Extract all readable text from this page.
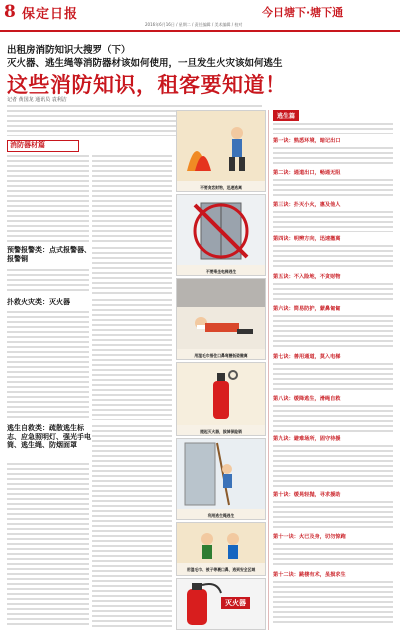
8 保定日报	今日塘下·塘下通
2016年6月16日 / 星期二 / 责任编辑 / 美术编辑 / 校对
出租房消防知识大搜罗（下）
灭火器、逃生绳等消防器材该如何使用，一旦发生火灾该如何逃生
这些消防知识，租客要知道！
记者 黄国龙 通讯员 袁利洁
消防器材篇
预警报警类：点式报警器、报警铜
扑救火灾类：灭火器
逃生自救类：疏散逃生标志、应急照明灯、强光手电筒、逃生绳、防烟面罩
不要贪恋财物，迅速逃离
不要乘坐电梯逃生
用湿毛巾捂住口鼻弯腰低姿撤离
提起灭火器，拔掉保险销
利用逃生绳逃生
用湿毛巾、被子等裹口鼻，逃到安全区域
灭火器
逃生篇
第一诀：熟悉环境，暗记出口
第二诀：通道出口，畅通无阻
第三诀：扑灭小火，惠及他人
第四诀：明辨方向，迅速撤离
第五诀：不入险地，不贪财物
第六诀：简易防护，蒙鼻匍匐
第七诀：善用通道，莫入电梯
第八诀：缓降逃生，滑绳自救
第九诀：避难场所，固守待援
第十诀：缓晃轻抛，寻求援助
第十一诀：火已及身，切勿惊跑
第十二诀：跳楼有术，虽损求生
